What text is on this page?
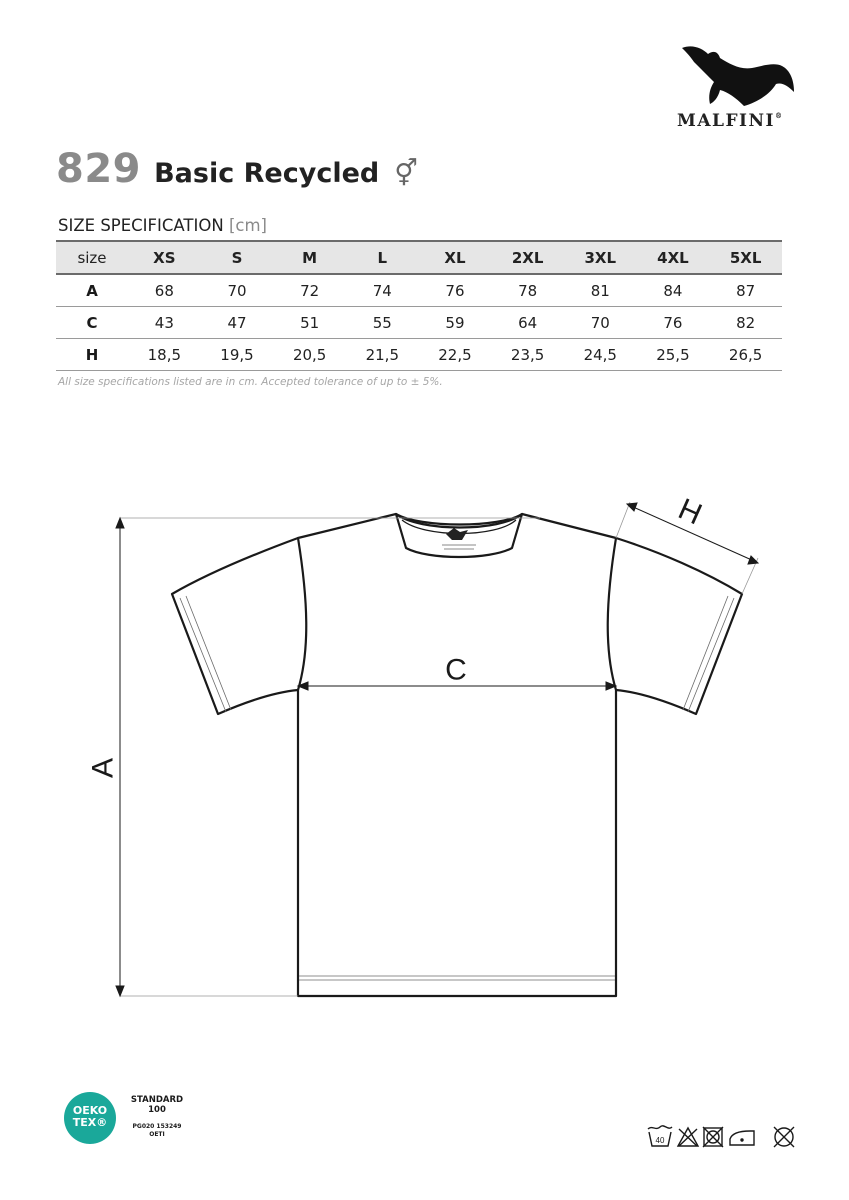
MALFINI®
829 Basic Recycled ⚥
SIZE SPECIFICATION [cm]
size	XS	S	M	L	XL	2XL	3XL	4XL	5XL
A	68	70	72	74	76	78	81	84	87
C	43	47	51	55	59	64	70	76	82
H	18,5	19,5	20,5	21,5	22,5	23,5	24,5	25,5	26,5
All size specifications listed are in cm. Accepted tolerance of up to ± 5%.
A
C
H
OEKO
TEX®
STANDARD
100
PG020 153249
OETI
40
